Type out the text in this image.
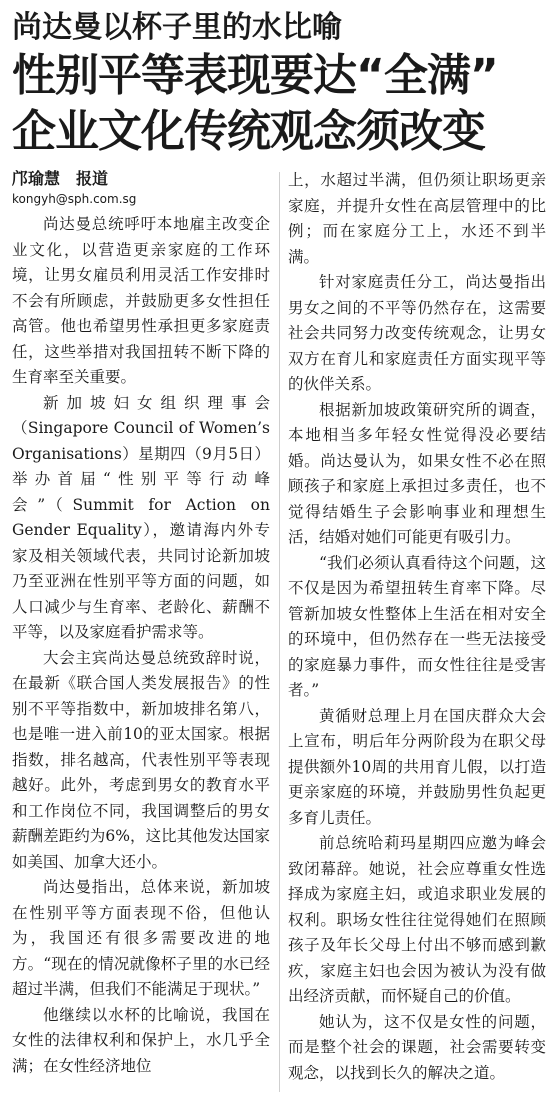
尚达曼以杯子里的水比喻
性别平等表现要达“全满”
企业文化传统观念须改变
邝瑜慧　报道
kongyh@sph.com.sg

尚达曼总统呼吁本地雇主改变企业文化，以营造更亲家庭的工作环境，让男女雇员利用灵活工作安排时不会有所顾虑，并鼓励更多女性担任高管。他也希望男性承担更多家庭责任，这些举措对我国扭转不断下降的生育率至关重要。

新加坡妇女组织理事会（Singapore Council of Women’s Organisations）星期四（9月5日）举办首届“性别平等行动峰会”（Summit for Action on Gender Equality），邀请海内外专家及相关领域代表，共同讨论新加坡乃至亚洲在性别平等方面的问题，如人口减少与生育率、老龄化、薪酬不平等，以及家庭看护需求等。

大会主宾尚达曼总统致辞时说，在最新《联合国人类发展报告》的性别不平等指数中，新加坡排名第八，也是唯一进入前10的亚太国家。根据指数，排名越高，代表性别平等表现越好。此外，考虑到男女的教育水平和工作岗位不同，我国调整后的男女薪酬差距约为6%，这比其他发达国家如美国、加拿大还小。

尚达曼指出，总体来说，新加坡在性别平等方面表现不俗，但他认为，我国还有很多需要改进的地方。“现在的情况就像杯子里的水已经超过半满，但我们不能满足于现状。”

他继续以水杯的比喻说，我国在女性的法律权利和保护上，水几乎全满；在女性经济地位

上，水超过半满，但仍须让职场更亲家庭，并提升女性在高层管理中的比例；而在家庭分工上，水还不到半满。

针对家庭责任分工，尚达曼指出男女之间的不平等仍然存在，这需要社会共同努力改变传统观念，让男女双方在育儿和家庭责任方面实现平等的伙伴关系。

根据新加坡政策研究所的调查，本地相当多年轻女性觉得没必要结婚。尚达曼认为，如果女性不必在照顾孩子和家庭上承担过多责任，也不觉得结婚生子会影响事业和理想生活，结婚对她们可能更有吸引力。

“我们必须认真看待这个问题，这不仅是因为希望扭转生育率下降。尽管新加坡女性整体上生活在相对安全的环境中，但仍然存在一些无法接受的家庭暴力事件，而女性往往是受害者。”

黄循财总理上月在国庆群众大会上宣布，明后年分两阶段为在职父母提供额外10周的共用育儿假，以打造更亲家庭的环境，并鼓励男性负起更多育儿责任。

前总统哈莉玛星期四应邀为峰会致闭幕辞。她说，社会应尊重女性选择成为家庭主妇，或追求职业发展的权利。职场女性往往觉得她们在照顾孩子及年长父母上付出不够而感到歉疚，家庭主妇也会因为被认为没有做出经济贡献，而怀疑自己的价值。

她认为，这不仅是女性的问题，而是整个社会的课题，社会需要转变观念，以找到长久的解决之道。
